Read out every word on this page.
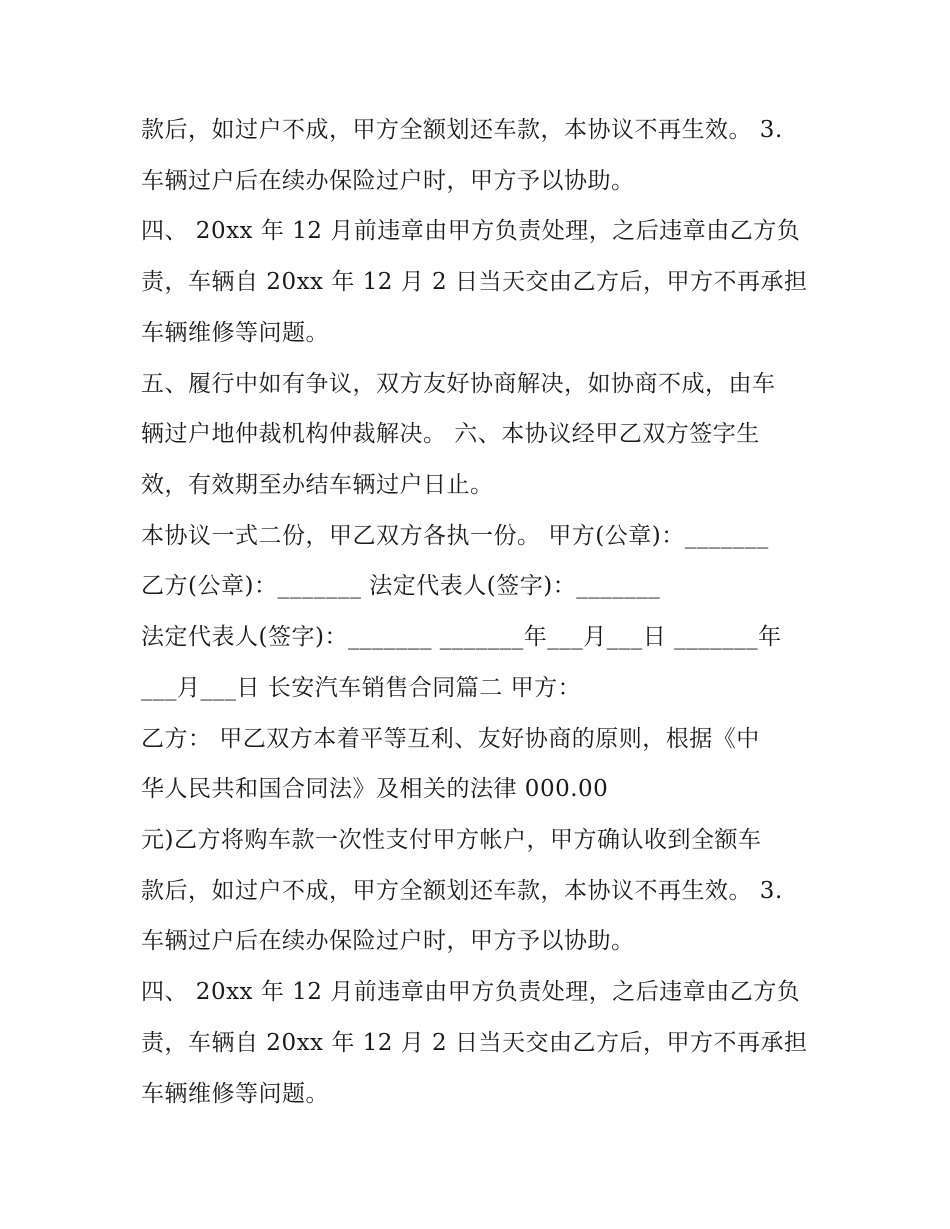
款后，如过户不成，甲方全额划还车款，本协议不再生效。 3.
车辆过户后在续办保险过户时，甲方予以协助。
四、 20xx 年 12 月前违章由甲方负责处理，之后违章由乙方负
责，车辆自 20xx 年 12 月 2 日当天交由乙方后，甲方不再承担
车辆维修等问题。
五、履行中如有争议，双方友好协商解决，如协商不成，由车
辆过户地仲裁机构仲裁解决。 六、本协议经甲乙双方签字生
效，有效期至办结车辆过户日止。
本协议一式二份，甲乙双方各执一份。 甲方(公章)：_______
乙方(公章)：_______ 法定代表人(签字)：_______
法定代表人(签字)：_______ _______年___月___日 _______年
___月___日 长安汽车销售合同篇二 甲方：
乙方： 甲乙双方本着平等互利、友好协商的原则，根据《中
华人民共和国合同法》及相关的法律 000.00
元)乙方将购车款一次性支付甲方帐户，甲方确认收到全额车
款后，如过户不成，甲方全额划还车款，本协议不再生效。 3.
车辆过户后在续办保险过户时，甲方予以协助。
四、 20xx 年 12 月前违章由甲方负责处理，之后违章由乙方负
责，车辆自 20xx 年 12 月 2 日当天交由乙方后，甲方不再承担
车辆维修等问题。
